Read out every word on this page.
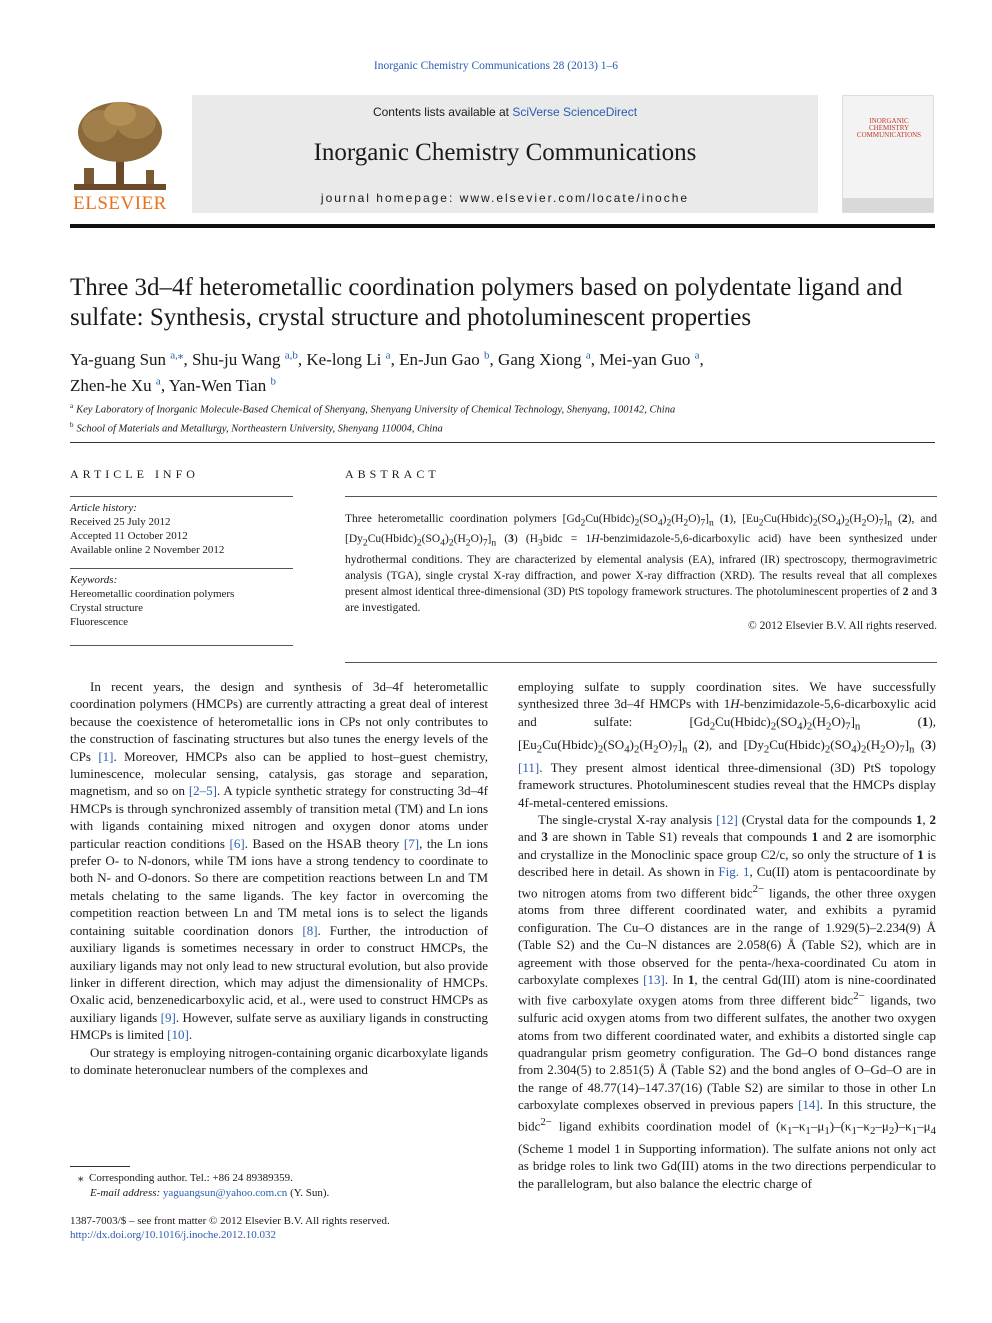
Inorganic Chemistry Communications 28 (2013) 1–6
ELSEVIER
Contents lists available at SciVerse ScienceDirect
Inorganic Chemistry Communications
journal homepage: www.elsevier.com/locate/inoche
INORGANIC CHEMISTRY COMMUNICATIONS
Three 3d–4f heterometallic coordination polymers based on polydentate ligand and sulfate: Synthesis, crystal structure and photoluminescent properties
Ya-guang Sun $^{a,⁎}$, Shu-ju Wang $^{a,b}$, Ke-long Li $^a$, En-Jun Gao $^b$, Gang Xiong $^a$, Mei-yan Guo $^a$,
Zhen-he Xu $^a$, Yan-Wen Tian $^b$
$^a$ Key Laboratory of Inorganic Molecule-Based Chemical of Shenyang, Shenyang University of Chemical Technology, Shenyang, 100142, China
$^b$ School of Materials and Metallurgy, Northeastern University, Shenyang 110004, China
ARTICLE INFO
Article history:
Received 25 July 2012
Accepted 11 October 2012
Available online 2 November 2012
Keywords:
Hereometallic coordination polymers
Crystal structure
Fluorescence
ABSTRACT
Three heterometallic coordination polymers $[Gd_2Cu(Hbidc)_2(SO_4)_2(H_2O)_7]_n$ (1), $[Eu_2Cu(Hbidc)_2(SO_4)_2(H_2O)_7]_n$ (2), and $[Dy_2Cu(Hbidc)_2(SO_4)_2(H_2O)_7]_n$ (3) ($H_3bidc$ = 1H-benzimidazole-5,6-dicarboxylic acid) have been synthesized under hydrothermal conditions. They are characterized by elemental analysis (EA), infrared (IR) spectroscopy, thermogravimetric analysis (TGA), single crystal X-ray diffraction, and power X-ray diffraction (XRD). The results reveal that all complexes present almost identical three-dimensional (3D) PtS topology framework structures. The photoluminescent properties of 2 and 3 are investigated.
© 2012 Elsevier B.V. All rights reserved.

In recent years, the design and synthesis of 3d–4f heterometallic coordination polymers (HMCPs) are currently attracting a great deal of interest because the coexistence of heterometallic ions in CPs not only contributes to the construction of fascinating structures but also tunes the energy levels of the CPs [1]. Moreover, HMCPs also can be applied to host–guest chemistry, luminescence, molecular sensing, catalysis, gas storage and separation, magnetism, and so on [2–5]. A typicle synthetic strategy for constructing 3d–4f HMCPs is through synchronized assembly of transition metal (TM) and Ln ions with ligands containing mixed nitrogen and oxygen donor atoms under particular reaction conditions [6]. Based on the HSAB theory [7], the Ln ions prefer O- to N-donors, while TM ions have a strong tendency to coordinate to both N- and O-donors. So there are competition reactions between Ln and TM metals chelating to the same ligands. The key factor in overcoming the competition reaction between Ln and TM metal ions is to select the ligands containing suitable coordination donors [8]. Further, the introduction of auxiliary ligands is sometimes necessary in order to construct HMCPs, the auxiliary ligands may not only lead to new structural evolution, but also provide linker in different direction, which may adjust the dimensionality of HMCPs. Oxalic acid, benzenedicarboxylic acid, et al., were used to construct HMCPs as auxiliary ligands [9]. However, sulfate serve as auxiliary ligands in constructing HMCPs is limited [10].

Our strategy is employing nitrogen-containing organic dicarboxylate ligands to dominate heteronuclear numbers of the complexes and

employing sulfate to supply coordination sites. We have successfully synthesized three 3d–4f HMCPs with 1H-benzimidazole-5,6-dicarboxylic acid and sulfate: $[Gd_2Cu(Hbidc)_2(SO_4)_2(H_2O)_7]_n$ (1), $[Eu_2Cu(Hbidc)_2(SO_4)_2(H_2O)_7]_n$ (2), and $[Dy_2Cu(Hbidc)_2(SO_4)_2(H_2O)_7]_n$ (3) [11]. They present almost identical three-dimensional (3D) PtS topology framework structures. Photoluminescent studies reveal that the HMCPs display 4f-metal-centered emissions.

The single-crystal X-ray analysis [12] (Crystal data for the compounds 1, 2 and 3 are shown in Table S1) reveals that compounds 1 and 2 are isomorphic and crystallize in the Monoclinic space group C2/c, so only the structure of 1 is described here in detail. As shown in Fig. 1, Cu(II) atom is pentacoordinate by two nitrogen atoms from two different bidc$^{2-}$ ligands, the other three oxygen atoms from three different coordinated water, and exhibits a pyramid configuration. The Cu–O distances are in the range of 1.929(5)–2.234(9) Å (Table S2) and the Cu–N distances are 2.058(6) Å (Table S2), which are in agreement with those observed for the penta-/hexa-coordinated Cu atom in carboxylate complexes [13]. In 1, the central Gd(III) atom is nine-coordinated with five carboxylate oxygen atoms from three different bidc$^{2-}$ ligands, two sulfuric acid oxygen atoms from two different sulfates, the another two oxygen atoms from two different coordinated water, and exhibits a distorted single cap quadrangular prism geometry configuration. The Gd–O bond distances range from 2.304(5) to 2.851(5) Å (Table S2) and the bond angles of O–Gd–O are in the range of 48.77(14)–147.37(16) (Table S2) are similar to those in other Ln carboxylate complexes observed in previous papers [14]. In this structure, the bidc$^{2-}$ ligand exhibits coordination model of $(\kappa_1-\kappa_1-\mu_1)-(\kappa_1-\kappa_2-\mu_2)-\kappa_1-\mu_4$ (Scheme 1 model 1 in Supporting information). The sulfate anions not only act as bridge roles to link two Gd(III) atoms in the two directions perpendicular to the parallelogram, but also balance the electric charge of

⁎  Corresponding author. Tel.: +86 24 89389359.
E-mail address: yaguangsun@yahoo.com.cn (Y. Sun).
1387-7003/$ – see front matter © 2012 Elsevier B.V. All rights reserved.
http://dx.doi.org/10.1016/j.inoche.2012.10.032
